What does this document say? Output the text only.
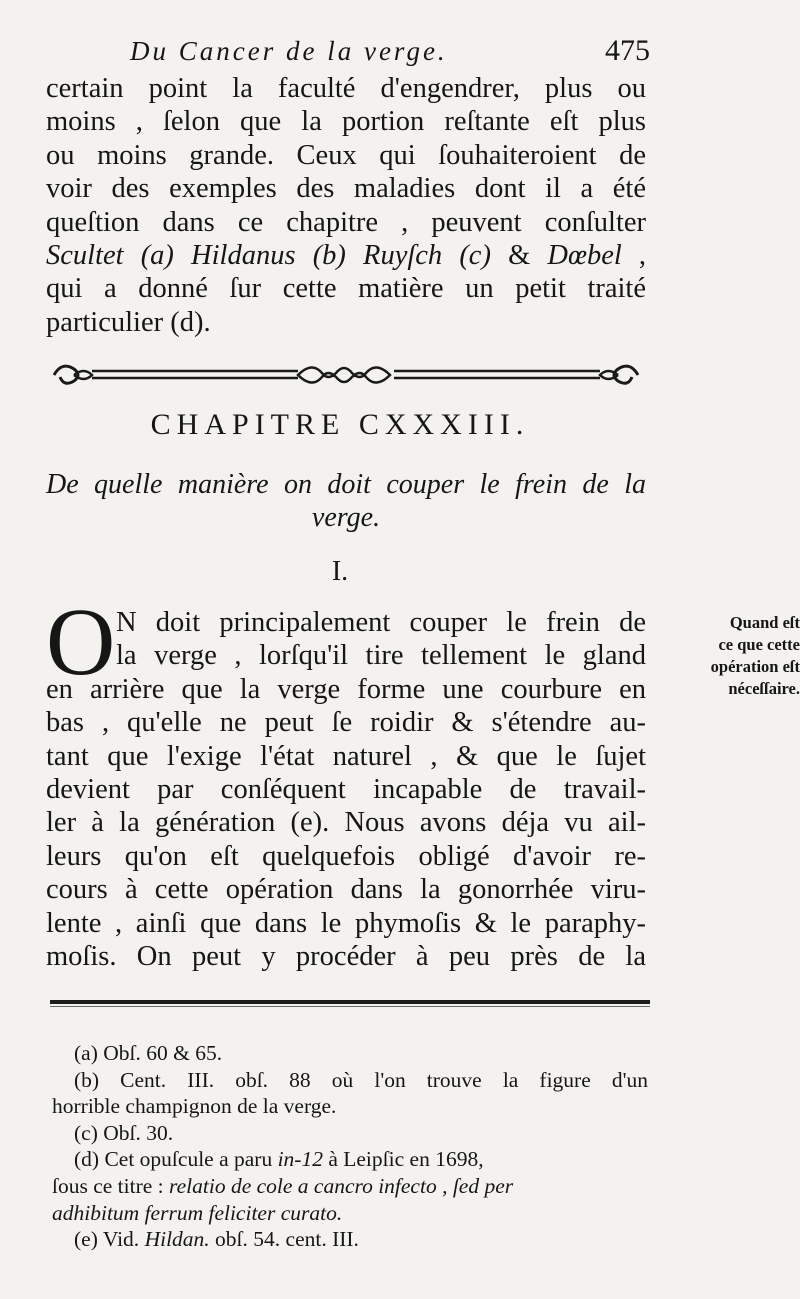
Du Cancer de la verge.	475
certain point la faculté d'engendrer, plus ou
moins , ſelon que la portion reſtante eſt plus
ou moins grande. Ceux qui ſouhaiteroient de
voir des exemples des maladies dont il a été
queſtion dans ce chapitre , peuvent conſulter
Scultet (a) Hildanus (b) Ruyſch (c) & Dœbel ,
qui a donné ſur cette matière un petit traité
particulier (d).
CHAPITRE CXXXIII.
De quelle manière on doit couper le frein de la
verge.
I.
O N doit principalement couper le frein de
la verge , lorſqu'il tire tellement le gland
en arrière que la verge forme une courbure en
bas , qu'elle ne peut ſe roidir & s'étendre au-
tant que l'exige l'état naturel , & que le ſujet
devient par conſéquent incapable de travail-
ler à la génération (e). Nous avons déja vu ail-
leurs qu'on eſt quelquefois obligé d'avoir re-
cours à cette opération dans la gonorrhée viru-
lente , ainſi que dans le phymoſis & le paraphy-
moſis. On peut y procéder à peu près de la
Quand eſt
ce que cette
opération eſt
néceſſaire.
(a) Obſ. 60 & 65.
(b) Cent. III. obſ. 88 où l'on trouve la figure d'un
horrible champignon de la verge.
(c) Obſ. 30.
(d) Cet opuſcule a paru in-12 à Leipſic en 1698,
ſous ce titre : relatio de cole a cancro infecto , ſed per
adhibitum ferrum feliciter curato.
(e) Vid. Hildan. obſ. 54. cent. III.
